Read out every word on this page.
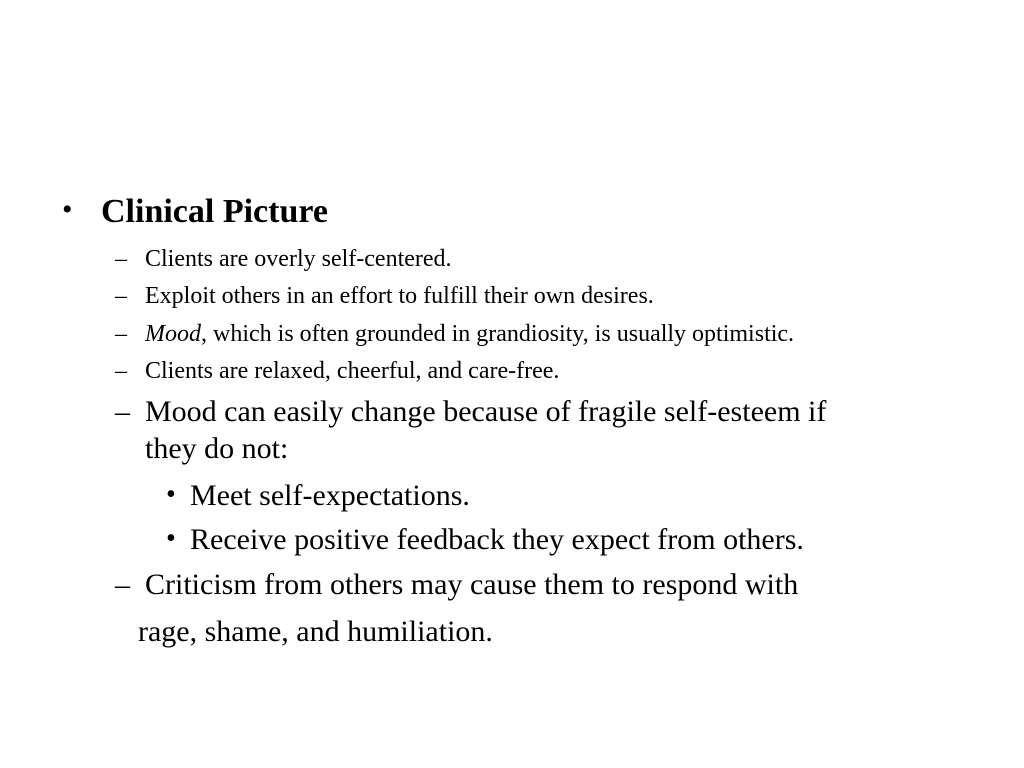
• Clinical Picture
– Clients are overly self-centered.
– Exploit others in an effort to fulfill their own desires.
– Mood, which is often grounded in grandiosity, is usually optimistic.
– Clients are relaxed, cheerful, and care-free.
– Mood can easily change because of fragile self-esteem if
they do not:
• Meet self-expectations.
• Receive positive feedback they expect from others.
– Criticism from others may cause them to respond with
rage, shame, and humiliation.
